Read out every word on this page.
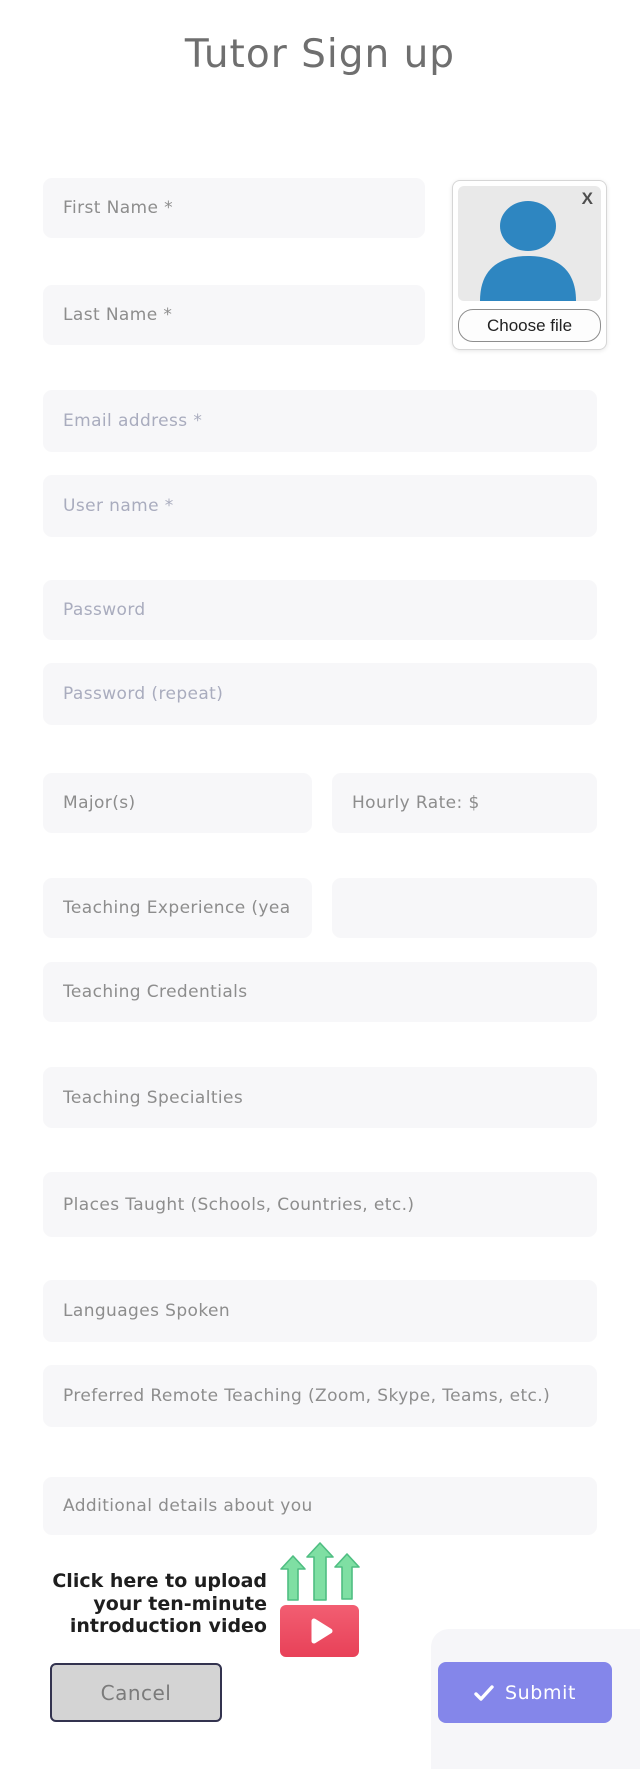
Tutor Sign up
First Name *
Last Name *
X
Choose file
Email address *
User name *
Major(s)
Hourly Rate: $
Teaching Experience (years)
Teaching Credentials
Teaching Specialties
Places Taught (Schools, Countries, etc.)
Languages Spoken
Preferred Remote Teaching (Zoom, Skype, Teams, etc.)
Additional details about you
Click here to upload
your ten-minute
introduction video
Cancel	Submit
